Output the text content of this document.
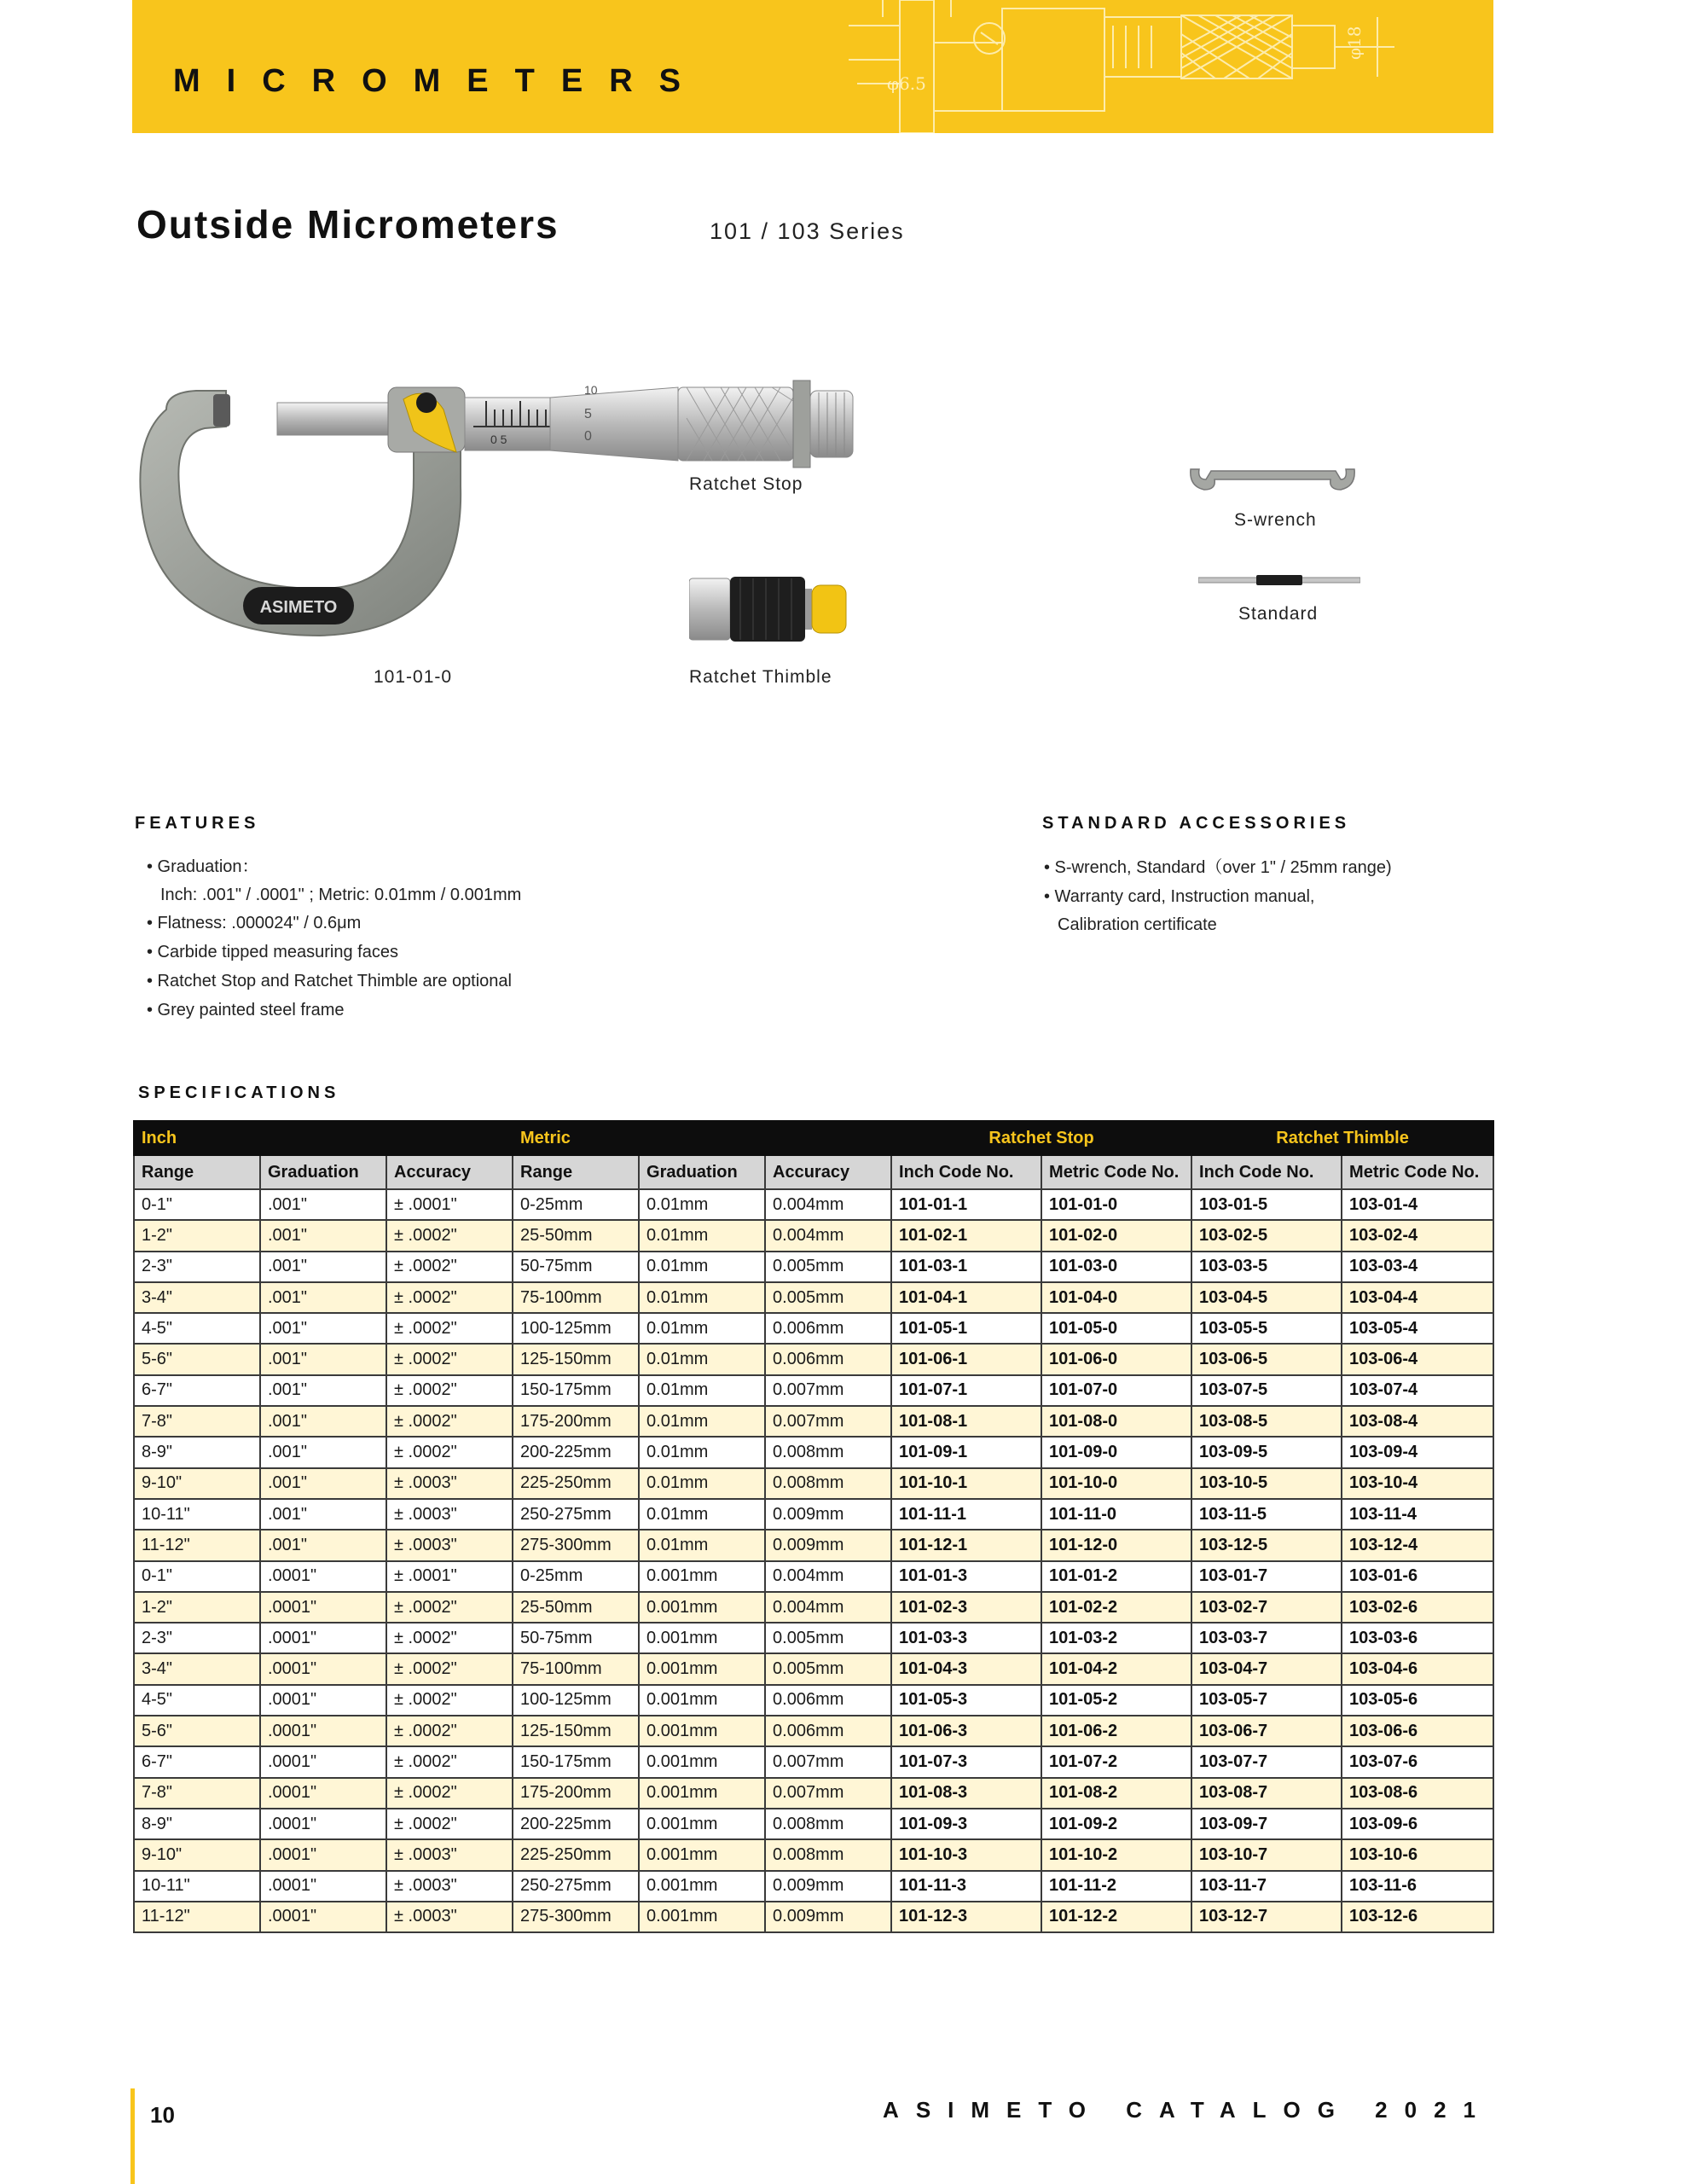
MICROMETERS	φ6.5
φ18
Outside Micrometers	101 / 103 Series
ASIMETO
0 5
5
0
10
101-01-0
Ratchet Stop
Ratchet Thimble
S-wrench
Standard
FEATURES
• Graduation：
Inch: .001" / .0001" ; Metric: 0.01mm / 0.001mm
• Flatness: .000024" / 0.6μm
• Carbide tipped measuring faces
• Ratchet Stop and Ratchet Thimble are optional
• Grey painted steel frame
STANDARD ACCESSORIES
• S-wrench, Standard（over 1" / 25mm range)
• Warranty card, Instruction manual,
Calibration certificate
SPECIFICATIONS
Inch			Metric			Ratchet Stop		Ratchet Thimble	
Range	Graduation	Accuracy	Range	Graduation	Accuracy	Inch Code No.	Metric Code No.	Inch Code No.	Metric Code No.
0-1"	.001"	± .0001"	0-25mm	0.01mm	0.004mm	101-01-1	101-01-0	103-01-5	103-01-4
1-2"	.001"	± .0002"	25-50mm	0.01mm	0.004mm	101-02-1	101-02-0	103-02-5	103-02-4
2-3"	.001"	± .0002"	50-75mm	0.01mm	0.005mm	101-03-1	101-03-0	103-03-5	103-03-4
3-4"	.001"	± .0002"	75-100mm	0.01mm	0.005mm	101-04-1	101-04-0	103-04-5	103-04-4
4-5"	.001"	± .0002"	100-125mm	0.01mm	0.006mm	101-05-1	101-05-0	103-05-5	103-05-4
5-6"	.001"	± .0002"	125-150mm	0.01mm	0.006mm	101-06-1	101-06-0	103-06-5	103-06-4
6-7"	.001"	± .0002"	150-175mm	0.01mm	0.007mm	101-07-1	101-07-0	103-07-5	103-07-4
7-8"	.001"	± .0002"	175-200mm	0.01mm	0.007mm	101-08-1	101-08-0	103-08-5	103-08-4
8-9"	.001"	± .0002"	200-225mm	0.01mm	0.008mm	101-09-1	101-09-0	103-09-5	103-09-4
9-10"	.001"	± .0003"	225-250mm	0.01mm	0.008mm	101-10-1	101-10-0	103-10-5	103-10-4
10-11"	.001"	± .0003"	250-275mm	0.01mm	0.009mm	101-11-1	101-11-0	103-11-5	103-11-4
11-12"	.001"	± .0003"	275-300mm	0.01mm	0.009mm	101-12-1	101-12-0	103-12-5	103-12-4
0-1"	.0001"	± .0001"	0-25mm	0.001mm	0.004mm	101-01-3	101-01-2	103-01-7	103-01-6
1-2"	.0001"	± .0002"	25-50mm	0.001mm	0.004mm	101-02-3	101-02-2	103-02-7	103-02-6
2-3"	.0001"	± .0002"	50-75mm	0.001mm	0.005mm	101-03-3	101-03-2	103-03-7	103-03-6
3-4"	.0001"	± .0002"	75-100mm	0.001mm	0.005mm	101-04-3	101-04-2	103-04-7	103-04-6
4-5"	.0001"	± .0002"	100-125mm	0.001mm	0.006mm	101-05-3	101-05-2	103-05-7	103-05-6
5-6"	.0001"	± .0002"	125-150mm	0.001mm	0.006mm	101-06-3	101-06-2	103-06-7	103-06-6
6-7"	.0001"	± .0002"	150-175mm	0.001mm	0.007mm	101-07-3	101-07-2	103-07-7	103-07-6
7-8"	.0001"	± .0002"	175-200mm	0.001mm	0.007mm	101-08-3	101-08-2	103-08-7	103-08-6
8-9"	.0001"	± .0002"	200-225mm	0.001mm	0.008mm	101-09-3	101-09-2	103-09-7	103-09-6
9-10"	.0001"	± .0003"	225-250mm	0.001mm	0.008mm	101-10-3	101-10-2	103-10-7	103-10-6
10-11"	.0001"	± .0003"	250-275mm	0.001mm	0.009mm	101-11-3	101-11-2	103-11-7	103-11-6
11-12"	.0001"	± .0003"	275-300mm	0.001mm	0.009mm	101-12-3	101-12-2	103-12-7	103-12-6
10	ASIMETO CATALOG 2021
